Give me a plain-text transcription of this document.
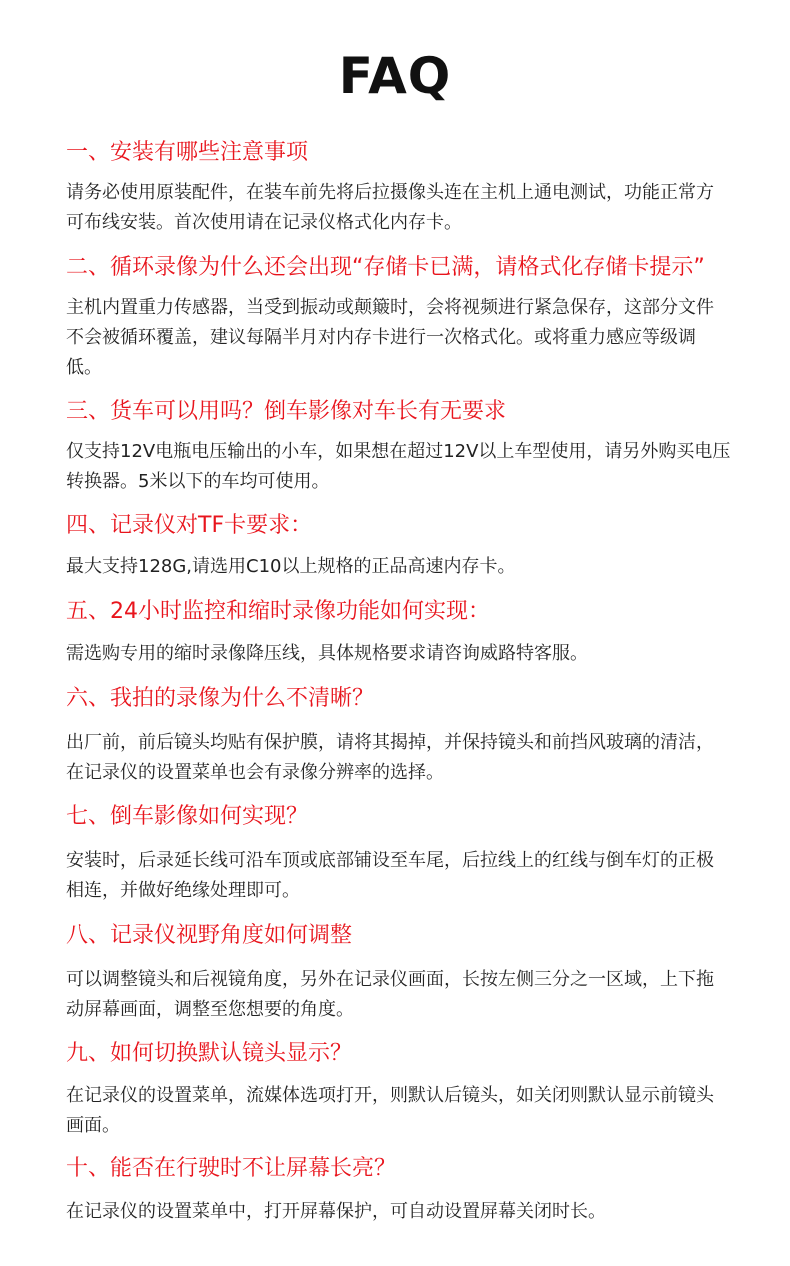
FAQ
一、安装有哪些注意事项
请务必使用原装配件，在装车前先将后拉摄像头连在主机上通电测试，功能正常方可布线安装。首次使用请在记录仪格式化内存卡。
二、循环录像为什么还会出现“存储卡已满，请格式化存储卡提示”
主机内置重力传感器，当受到振动或颠簸时，会将视频进行紧急保存，这部分文件不会被循环覆盖，建议每隔半月对内存卡进行一次格式化。或将重力感应等级调低。
三、货车可以用吗？倒车影像对车长有无要求
仅支持12V电瓶电压输出的小车，如果想在超过12V以上车型使用，请另外购买电压转换器。5米以下的车均可使用。
四、记录仪对TF卡要求：
最大支持128G,请选用C10以上规格的正品高速内存卡。
五、24小时监控和缩时录像功能如何实现：
需选购专用的缩时录像降压线，具体规格要求请咨询威路特客服。
六、我拍的录像为什么不清晰？
出厂前，前后镜头均贴有保护膜，请将其揭掉，并保持镜头和前挡风玻璃的清洁，在记录仪的设置菜单也会有录像分辨率的选择。
七、倒车影像如何实现？
安装时，后录延长线可沿车顶或底部铺设至车尾，后拉线上的红线与倒车灯的正极相连，并做好绝缘处理即可。
八、记录仪视野角度如何调整
可以调整镜头和后视镜角度，另外在记录仪画面，长按左侧三分之一区域，上下拖动屏幕画面，调整至您想要的角度。
九、如何切换默认镜头显示？
在记录仪的设置菜单，流媒体选项打开，则默认后镜头，如关闭则默认显示前镜头画面。
十、能否在行驶时不让屏幕长亮？
在记录仪的设置菜单中，打开屏幕保护，可自动设置屏幕关闭时长。
